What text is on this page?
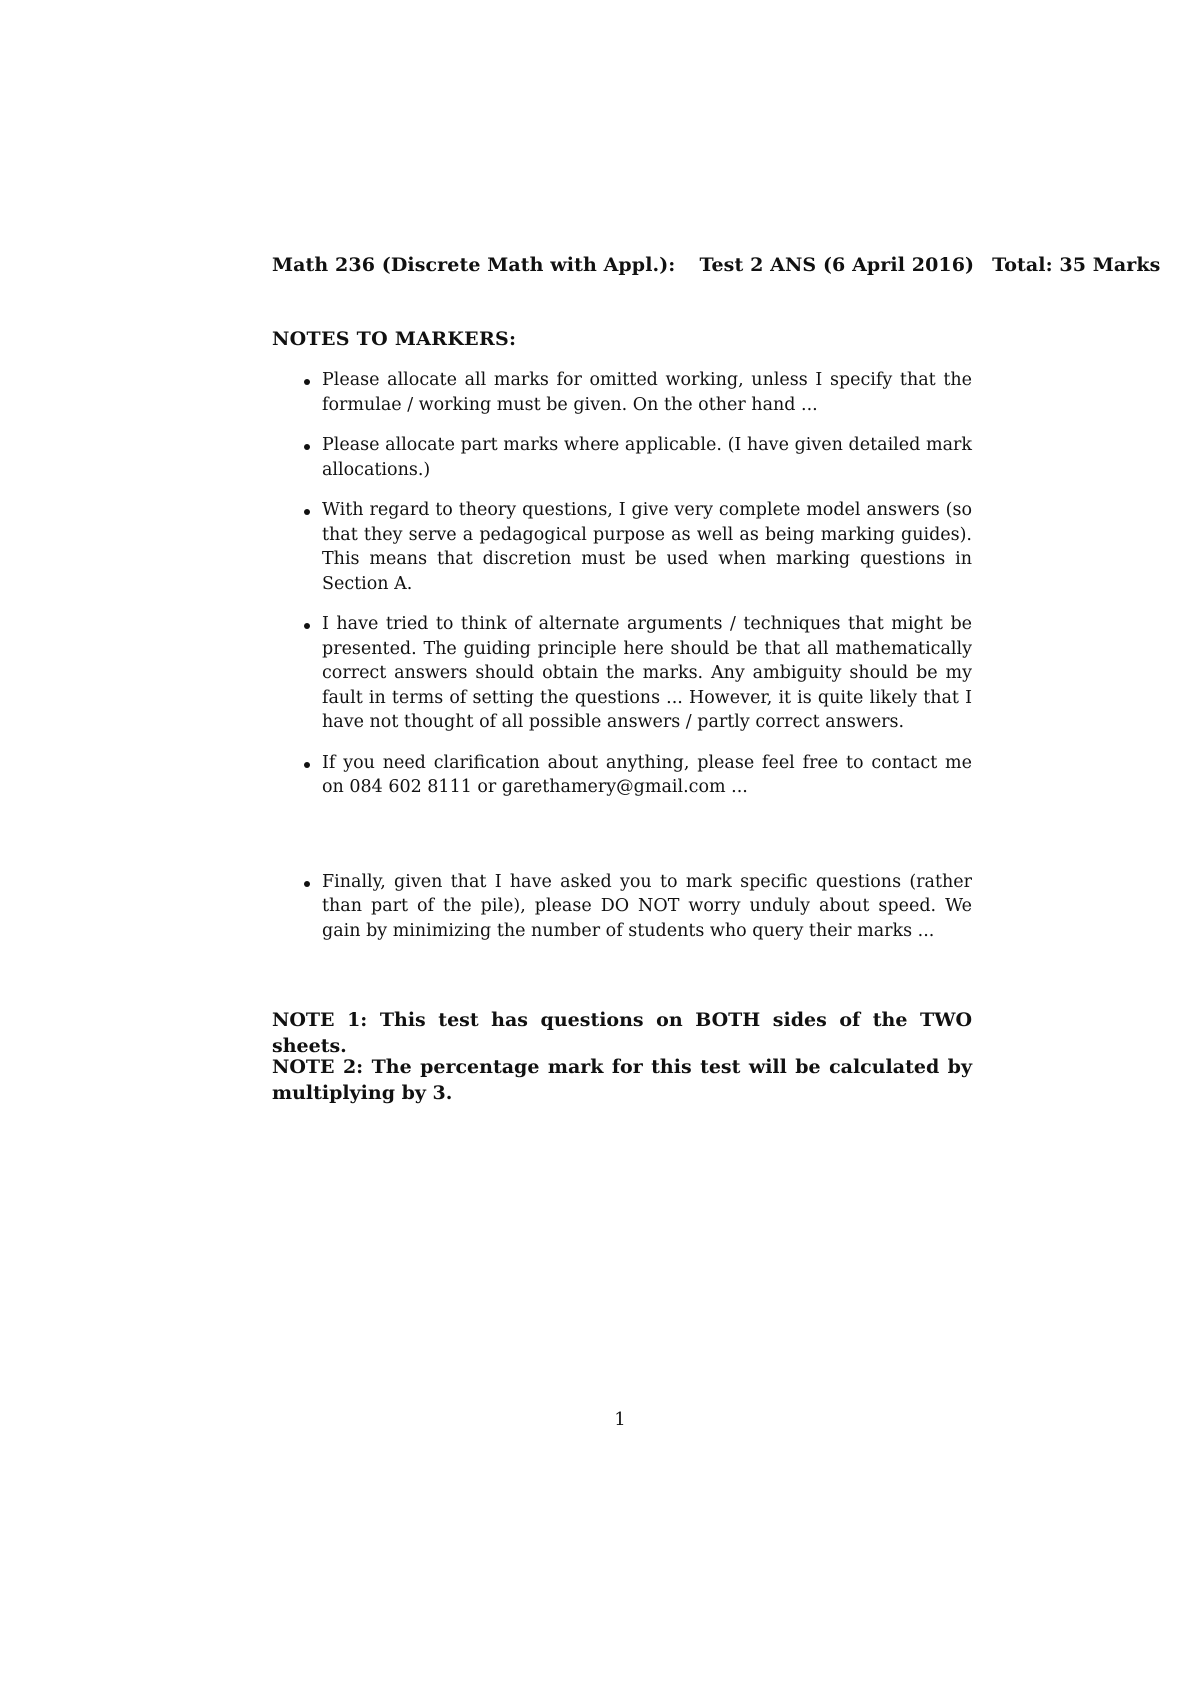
Math 236 (Discrete Math with Appl.): Test 2 ANS (6 April 2016) Total: 35 Marks
NOTES TO MARKERS:
Please allocate all marks for omitted working, unless I specify that the formulae / working must be given. On the other hand ...
Please allocate part marks where applicable. (I have given detailed mark allocations.)
With regard to theory questions, I give very complete model answers (so that they serve a pedagogical purpose as well as being marking guides). This means that discretion must be used when marking questions in Section A.
I have tried to think of alternate arguments / techniques that might be presented. The guiding principle here should be that all mathematically correct answers should obtain the marks. Any ambiguity should be my fault in terms of setting the questions ... However, it is quite likely that I have not thought of all possible answers / partly correct answers.
If you need clarification about anything, please feel free to contact me on 084 602 8111 or garethamery@gmail.com ...
Finally, given that I have asked you to mark specific questions (rather than part of the pile), please DO NOT worry unduly about speed. We gain by minimizing the number of students who query their marks ...
NOTE 1: This test has questions on BOTH sides of the TWO sheets.
NOTE 2: The percentage mark for this test will be calculated by multiplying by 3.
1
